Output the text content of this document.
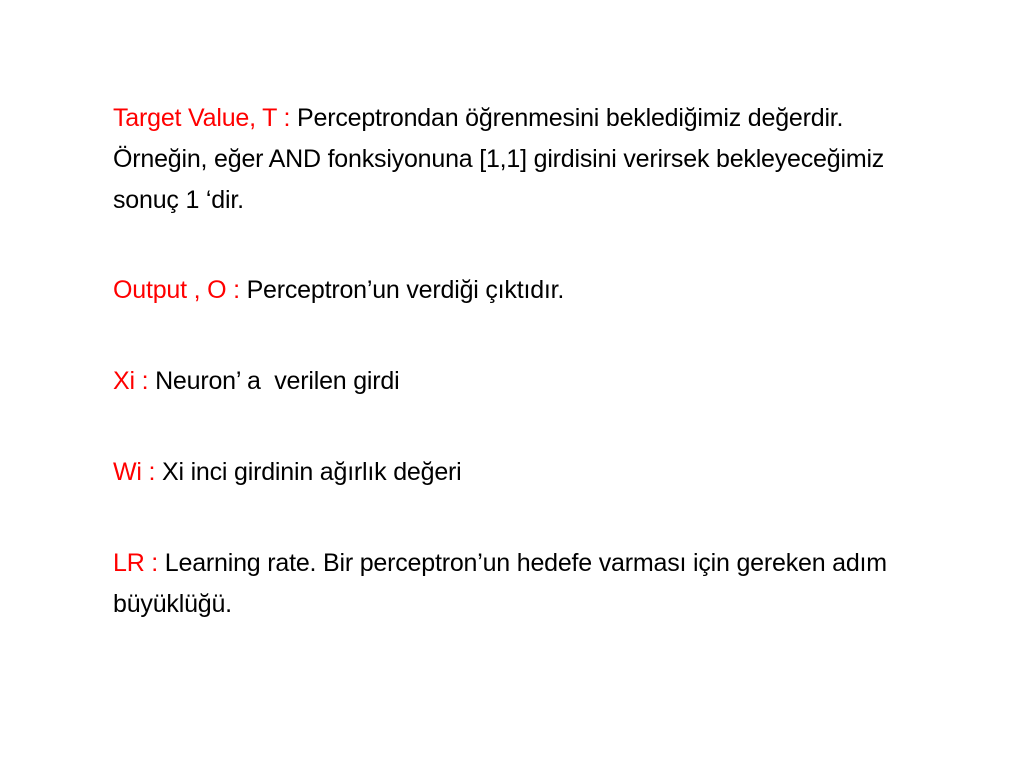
Target Value, T : Perceptrondan öğrenmesini beklediğimiz değerdir. Örneğin, eğer AND fonksiyonuna [1,1] girdisini verirsek bekleyeceğimiz sonuç 1 ‘dir.

Output , O : Perceptron’un verdiği çıktıdır.

Xi : Neuron’ a  verilen girdi

Wi : Xi inci girdinin ağırlık değeri

LR : Learning rate. Bir perceptron’un hedefe varması için gereken adım büyüklüğü.
